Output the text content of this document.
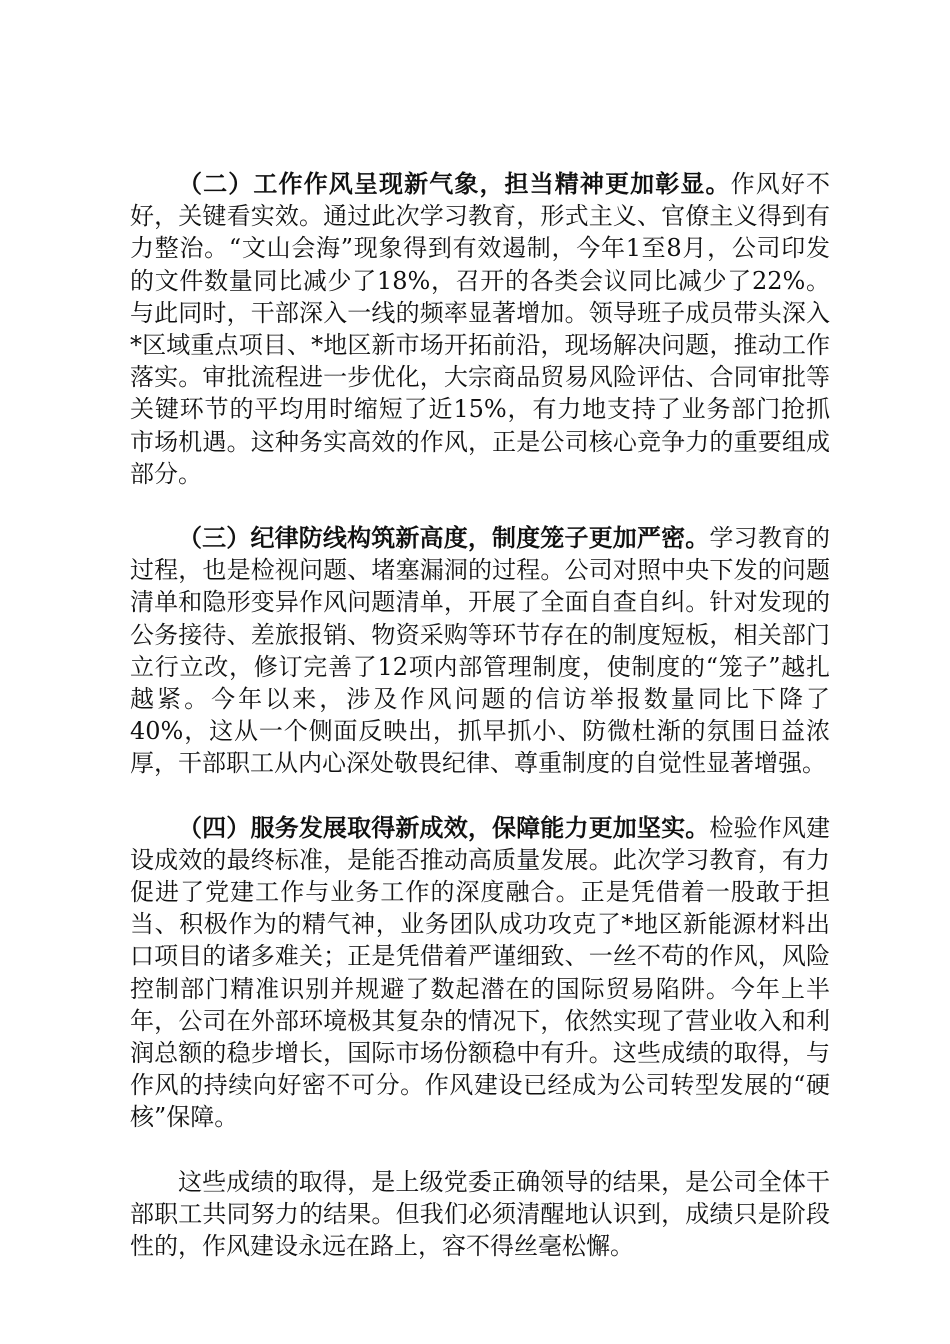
（二）工作作风呈现新气象，担当精神更加彰显。作风好不好，关键看实效。通过此次学习教育，形式主义、官僚主义得到有力整治。“文山会海”现象得到有效遏制，今年1至8月，公司印发的文件数量同比减少了18%，召开的各类会议同比减少了22%。与此同时，干部深入一线的频率显著增加。领导班子成员带头深入*区域重点项目、*地区新市场开拓前沿，现场解决问题，推动工作落实。审批流程进一步优化，大宗商品贸易风险评估、合同审批等关键环节的平均用时缩短了近15%，有力地支持了业务部门抢抓市场机遇。这种务实高效的作风，正是公司核心竞争力的重要组成部分。

（三）纪律防线构筑新高度，制度笼子更加严密。学习教育的过程，也是检视问题、堵塞漏洞的过程。公司对照中央下发的问题清单和隐形变异作风问题清单，开展了全面自查自纠。针对发现的公务接待、差旅报销、物资采购等环节存在的制度短板，相关部门立行立改，修订完善了12项内部管理制度，使制度的“笼子”越扎越紧。今年以来，涉及作风问题的信访举报数量同比下降了40%，这从一个侧面反映出，抓早抓小、防微杜渐的氛围日益浓厚，干部职工从内心深处敬畏纪律、尊重制度的自觉性显著增强。

（四）服务发展取得新成效，保障能力更加坚实。检验作风建设成效的最终标准，是能否推动高质量发展。此次学习教育，有力促进了党建工作与业务工作的深度融合。正是凭借着一股敢于担当、积极作为的精气神，业务团队成功攻克了*地区新能源材料出口项目的诸多难关；正是凭借着严谨细致、一丝不苟的作风，风险控制部门精准识别并规避了数起潜在的国际贸易陷阱。今年上半年，公司在外部环境极其复杂的情况下，依然实现了营业收入和利润总额的稳步增长，国际市场份额稳中有升。这些成绩的取得，与作风的持续向好密不可分。作风建设已经成为公司转型发展的“硬核”保障。

这些成绩的取得，是上级党委正确领导的结果，是公司全体干部职工共同努力的结果。但我们必须清醒地认识到，成绩只是阶段性的，作风建设永远在路上，容不得丝毫松懈。
